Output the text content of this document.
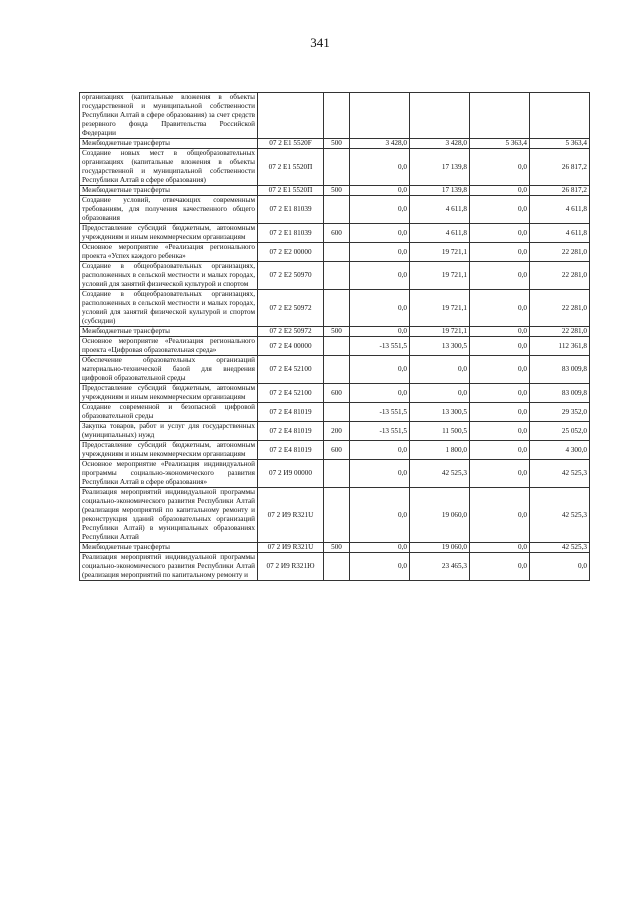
341
организациях (капитальные вложения в объекты государственной и муниципальной собственности Республики Алтай в сфере образования) за счет средств резервного фонда Правительства Российской Федерации						
Межбюджетные трансферты	07 2 Е1 5520F	500	3 428,0	3 428,0	5 363,4	5 363,4
Создание новых мест в общеобразовательных организациях (капитальные вложения в объекты государственной и муниципальной собственности Республики Алтай в сфере образования)	07 2 Е1 5520П		0,0	17 139,8	0,0	26 817,2
Межбюджетные трансферты	07 2 Е1 5520П	500	0,0	17 139,8	0,0	26 817,2
Создание условий, отвечающих современным требованиям, для получения качественного общего образования	07 2 Е1 81039		0,0	4 611,8	0,0	4 611,8
Предоставление субсидий бюджетным, автономным учреждениям и иным некоммерческим организациям	07 2 Е1 81039	600	0,0	4 611,8	0,0	4 611,8
Основное мероприятие «Реализация регионального проекта «Успех каждого ребенка»	07 2 Е2 00000		0,0	19 721,1	0,0	22 281,0
Создание в общеобразовательных организациях, расположенных в сельской местности и малых городах, условий для занятий физической культурой и спортом	07 2 Е2 50970		0,0	19 721,1	0,0	22 281,0
Создание в общеобразовательных организациях, расположенных в сельской местности и малых городах, условий для занятий физической культурой и спортом (субсидии)	07 2 Е2 50972		0,0	19 721,1	0,0	22 281,0
Межбюджетные трансферты	07 2 Е2 50972	500	0,0	19 721,1	0,0	22 281,0
Основное мероприятие «Реализация регионального проекта «Цифровая образовательная среда»	07 2 Е4 00000		-13 551,5	13 300,5	0,0	112 361,8
Обеспечение образовательных организаций материально-технической базой для внедрения цифровой образовательной среды	07 2 Е4 52100		0,0	0,0	0,0	83 009,8
Предоставление субсидий бюджетным, автономным учреждениям и иным некоммерческим организациям	07 2 Е4 52100	600	0,0	0,0	0,0	83 009,8
Создание современной и безопасной цифровой образовательной среды	07 2 Е4 81019		-13 551,5	13 300,5	0,0	29 352,0
Закупка товаров, работ и услуг для государственных (муниципальных) нужд	07 2 Е4 81019	200	-13 551,5	11 500,5	0,0	25 052,0
Предоставление субсидий бюджетным, автономным учреждениям и иным некоммерческим организациям	07 2 Е4 81019	600	0,0	1 800,0	0,0	4 300,0
Основное мероприятие «Реализация индивидуальной программы социально-экономического развития Республики Алтай в сфере образования»	07 2 И9 00000		0,0	42 525,3	0,0	42 525,3
Реализация мероприятий индивидуальной программы социально-экономического развития Республики Алтай (реализация мероприятий по капитальному ремонту и реконструкция зданий образовательных организаций Республики Алтай) в муниципальных образованиях Республики Алтай	07 2 И9 R321U		0,0	19 060,0	0,0	42 525,3
Межбюджетные трансферты	07 2 И9 R321U	500	0,0	19 060,0	0,0	42 525,3
Реализация мероприятий индивидуальной программы социально-экономического развития Республики Алтай (реализация мероприятий по капитальному ремонту и	07 2 И9 R321Ю		0,0	23 465,3	0,0	0,0
